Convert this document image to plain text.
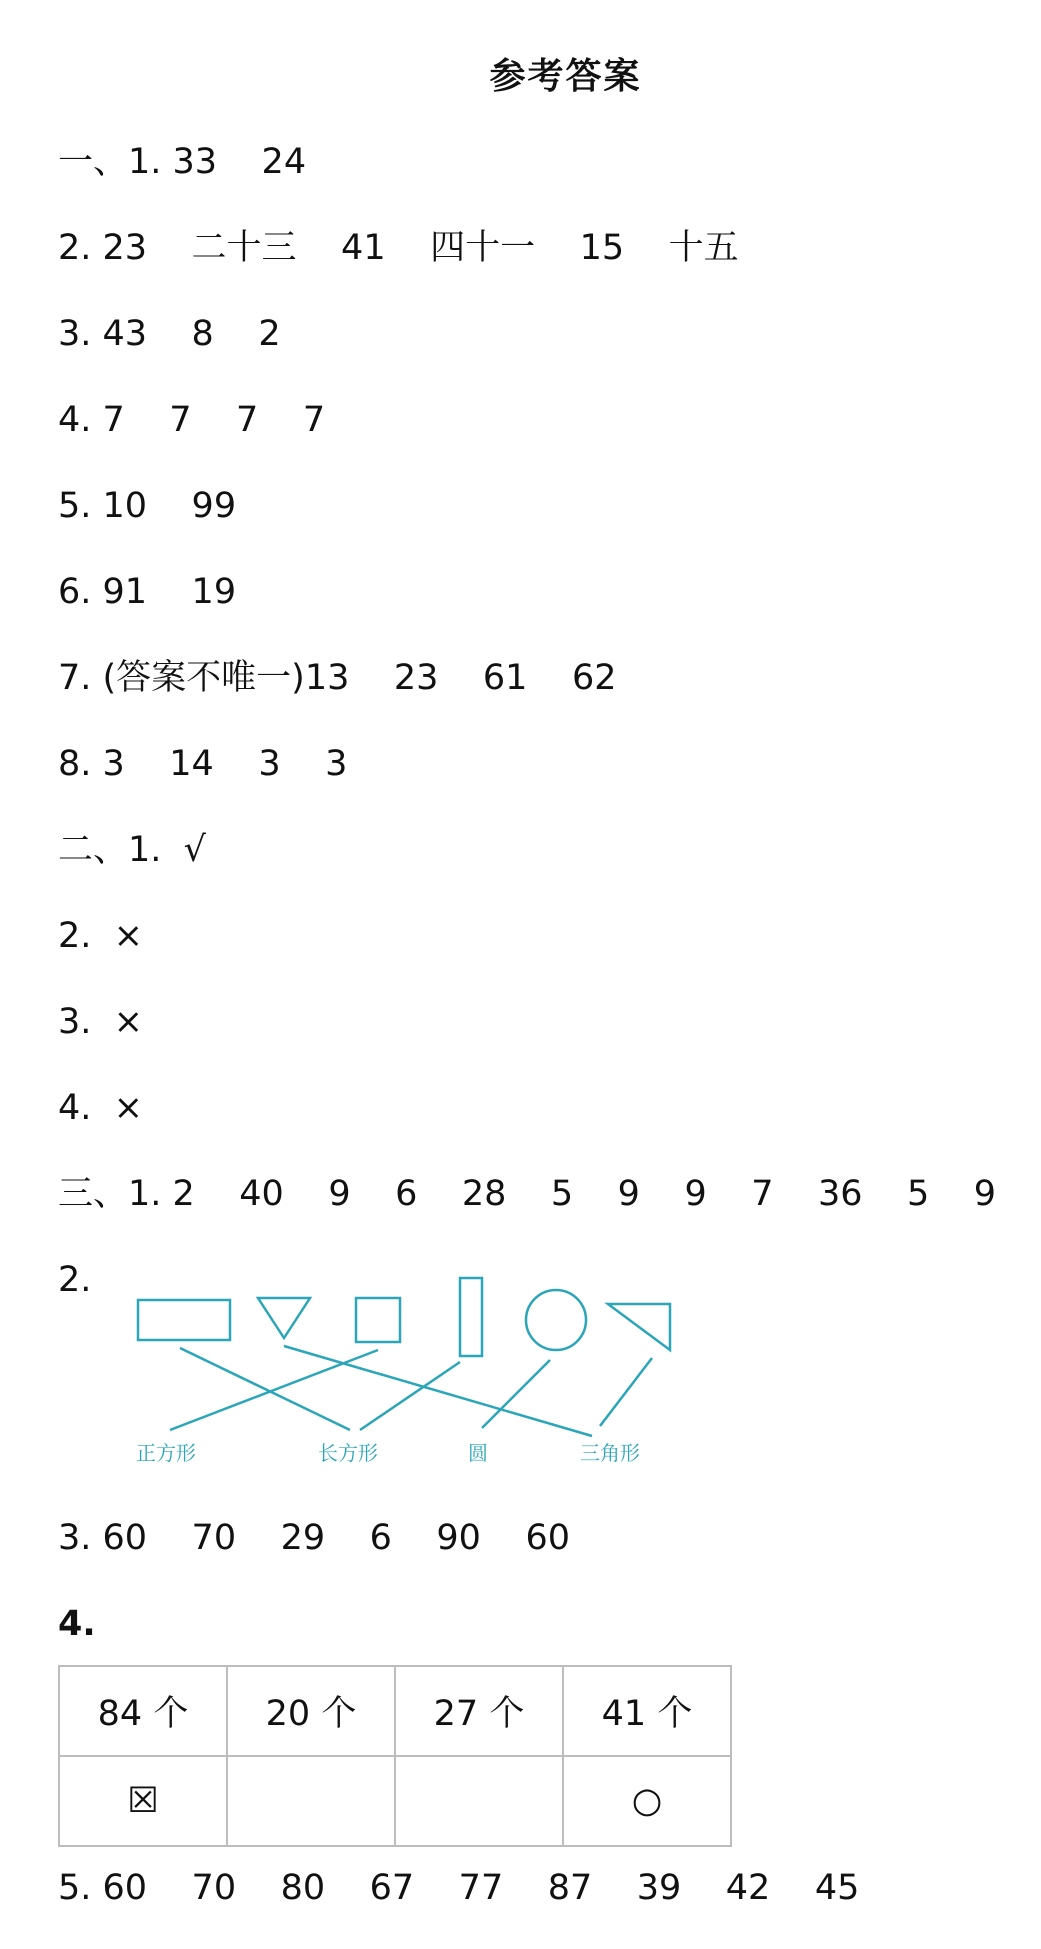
参考答案
一、1. 33    24
2. 23    二十三    41    四十一    15    十五
3. 43    8    2
4. 7    7    7    7
5. 10    99
6. 91    19
7. (答案不唯一)13    23    61    62
8. 3    14    3    3
二、1.  √
2.  ×
3.  ×
4.  ×
三、1. 2    40    9    6    28    5    9    9    7    36    5    9
2.
正方形	长方形	圆	三角形
3. 60    70    29    6    90    60
4.
84 个	20 个	27 个	41 个
☒			○
5. 60    70    80    67    77    87    39    42    45
